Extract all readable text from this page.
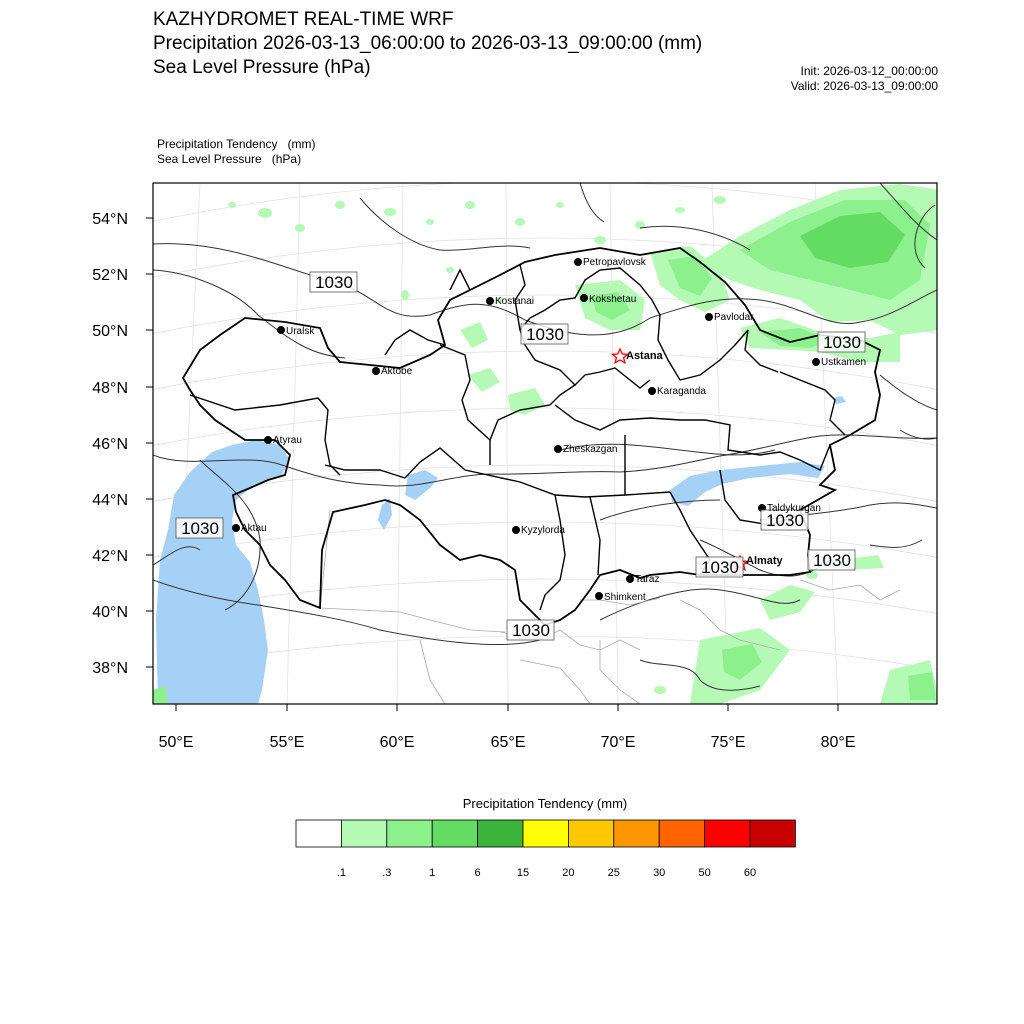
KAZHYDROMET REAL-TIME WRF
Precipitation 2026-03-13_06:00:00 to 2026-03-13_09:00:00 (mm)
Sea Level Pressure (hPa)	Init: 2026-03-12_00:00:00
Valid: 2026-03-13_09:00:00
Precipitation Tendency   (mm)
Sea Level Pressure   (hPa)
1030
1030	1030
1030	1030
1030	1030
1030
Petropavlovsk
Kostanai	Kokshetau
Uralsk
Pavlodar
Astana
Ustkamen
Aktobe
Karaganda
Atyrau
Zheskazgan
Aktau	Kyzylorda
Taldykurgan
Almaty
Taraz
Shimkent
54°N
52°N
50°N
48°N
46°N
44°N
42°N
40°N
38°N
50°E	55°E	60°E	65°E	70°E	75°E	80°E
Precipitation Tendency (mm)
.1	.3	1	6	15	20	25	30	50	60
